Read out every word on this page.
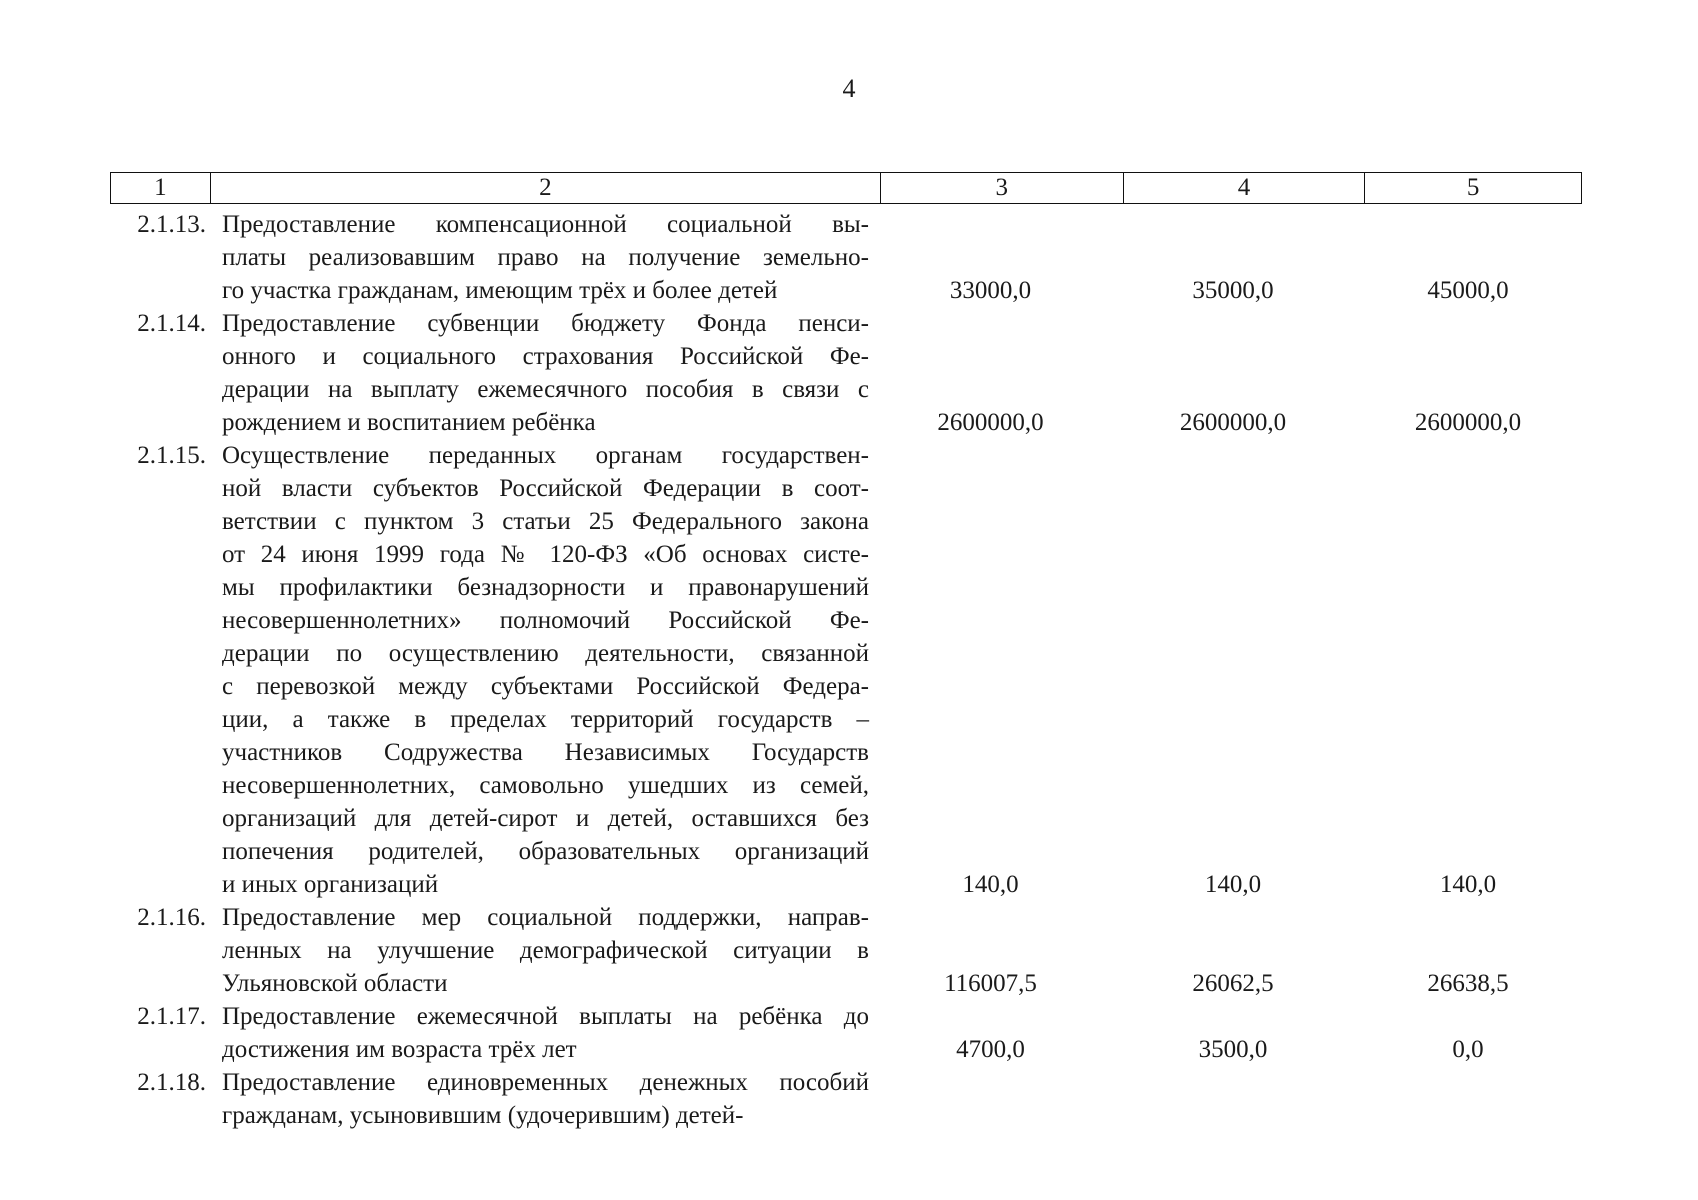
4
1	2	3	4	5
2.1.13. Предоставление компенсационной социальной вы-
платы реализовавшим право на получение земельно-
го участка гражданам, имеющим трёх и более детей	33000,0	35000,0	45000,0
2.1.14. Предоставление субвенции бюджету Фонда пенси-
онного и социального страхования Российской Фе-
дерации на выплату ежемесячного пособия в связи с
рождением и воспитанием ребёнка	2600000,0	2600000,0	2600000,0
2.1.15. Осуществление переданных органам государствен-
ной власти субъектов Российской Федерации в соот-
ветствии с пунктом 3 статьи 25 Федерального закона
от 24 июня 1999 года № 120-ФЗ «Об основах систе-
мы профилактики безнадзорности и правонарушений
несовершеннолетних» полномочий Российской Фе-
дерации по осуществлению деятельности, связанной
с перевозкой между субъектами Российской Федера-
ции, а также в пределах территорий государств –
участников Содружества Независимых Государств
несовершеннолетних, самовольно ушедших из семей,
организаций для детей-сирот и детей, оставшихся без
попечения родителей, образовательных организаций
и иных организаций	140,0	140,0	140,0
2.1.16. Предоставление мер социальной поддержки, направ-
ленных на улучшение демографической ситуации в
Ульяновской области	116007,5	26062,5	26638,5
2.1.17. Предоставление ежемесячной выплаты на ребёнка до
достижения им возраста трёх лет	4700,0	3500,0	0,0
2.1.18. Предоставление единовременных денежных пособий
гражданам, усыновившим (удочерившим) детей-
